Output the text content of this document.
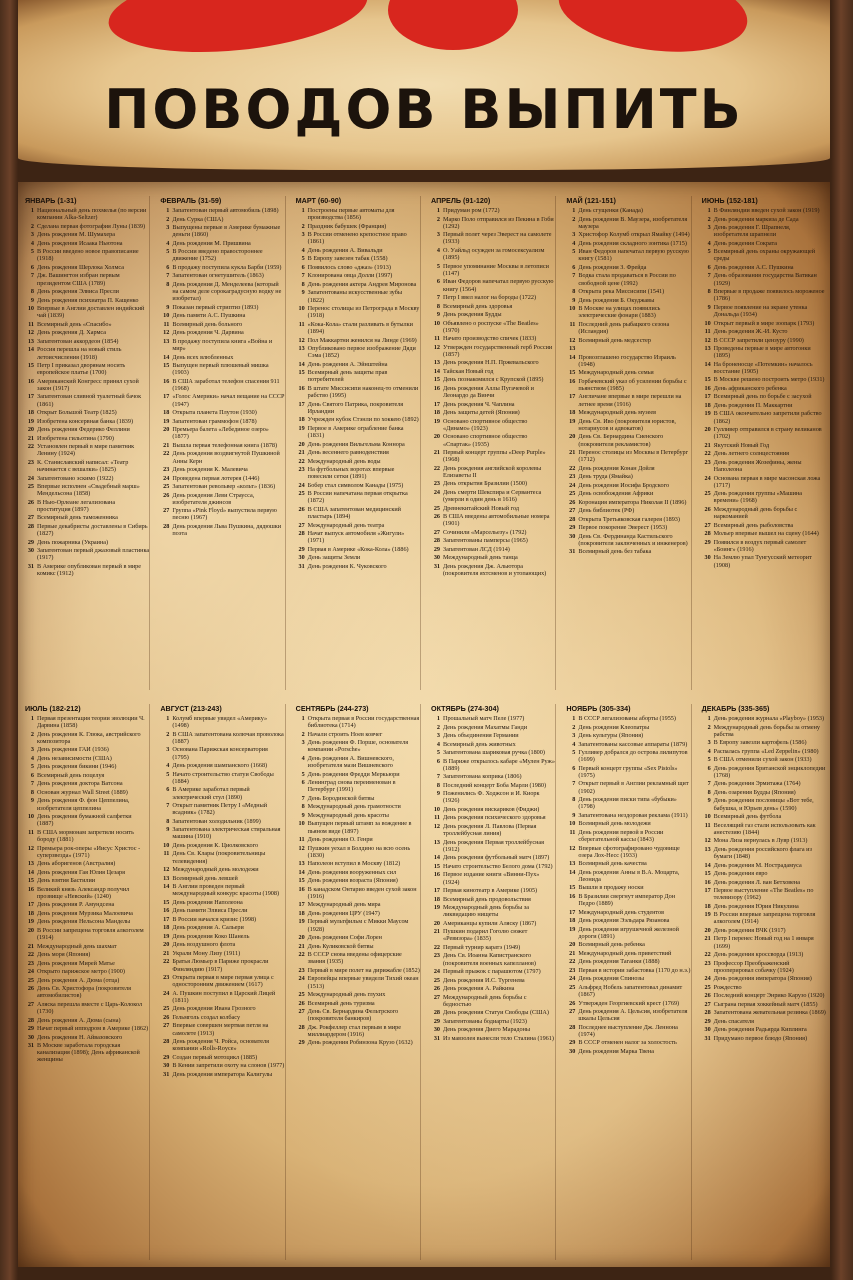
ПОВОДОВ ВЫПИТЬ
ЯНВАРЬ (1-31)
1 Национальный день похмелья (по версии компании Alka-Seltzer)
2 Сделана первая фотография Луны (1839)
3 День рождения М. Шумахера
4 День рождения Исаака Ньютона
5 В России введено новое правописание (1918)
6 День рождения Шерлока Холмса
7 Дж. Вашингтон избран первым президентом США (1789)
8 День рождения Элвиса Пресли
9 День рождения психиатра П. Кащенко
10 Впервые в Англии доставлен индийский чай (1839)
11 Всемирный день «Спасибо»
12 День рождения Д. Хармса
13 Запатентован аккордеон (1854)
14 Россия перешла на новый стиль летоисчисления (1918)
15 Петр I приказал дворянам носить европейское платье (1700)
16 Американский Конгресс принял сухой закон (1917)
17 Запатентован сливной туалетный бачок (1861)
18 Открыт Большой Театр (1825)
19 Изобретена консервная банка (1839)
20 День рождения Федерико Феллини
21 Изобретена гильотина (1790)
22 Установлен первый в мире памятник Ленину (1924)
23 К. Станиславский написал: «Театр начинается с вешалки» (1825)
24 Запатентовано эскимо (1922)
25 Впервые исполнен «Свадебный марш» Мендельсона (1858)
26 В Нью-Орлеане легализована проституция (1897)
27 Всемирный день таможенника
28 Первые декабристы доставлены в Сибирь (1827)
29 День пожарника (Украина)
30 Запатентован первый джазовый пластинка (1917)
31 В Америке опубликован первый в мире комикс (1912)
ФЕВРАЛЬ (31-59)
1 Запатентован первый автомобиль (1898)
2 День Сурка (США)
3 Выпущены первые в Америке бумажные деньги (1860)
4 День рождения М. Пришвина
5 В России введено правостороннее движение (1752)
6 В продажу поступила кукла Барби (1959)
7 Запатентован огнетушитель (1863)
8 День рождения Д. Менделеева (который на самом деле сорокаградусную водку не изобретал)
9 Показан первый стриптиз (1893)
10 День памяти А.С. Пушкина
11 Всемирный день больного
12 День рождения Ч. Дарвина
13 В продажу поступила книга «Война и мир»
14 День всех влюбленных
15 Выпущен первый плюшевый мишка (1903)
16 В США заработал телефон спасения 911 (1968)
17 «Голос Америки» начал вещание на СССР (1947)
18 Открыта планета Плутон (1930)
19 Запатентован граммофон (1878)
20 Премьера балета «Лебединое озеро» (1877)
21 Вышла первая телефонная книга (1878)
22 День рождения воздвигнутой Пушкиной Анны Керн
23 День рождения К. Малевича
24 Проведена первая лотерея (1446)
25 Запатентован револьвер «кольт» (1836)
26 День рождения Леви Страусса, изобретателя джинсов
27 Группа «Pink Floyd» выпустила первую песню (1967)
28 День рождения Льва Пушкина, дядюшки поэта
МАРТ (60-90)
1 Построены первые автоматы для производства (1856)
2 Праздник бабушек (Франция)
3 В России отменено крепостное право (1861)
4 День рождения А. Вивальди
5 В Европу завезен табак (1558)
6 Появилось слово «джаз» (1913)
7 Клонирована овца Долли (1997)
8 День рождения актера Андрея Миронова
9 Запатентованы искусственные зубы (1822)
10 Перенос столицы из Петрограда в Москву (1918)
11 «Кока-Кола» стали разливать в бутылки (1894)
12 Пол Маккартни женился на Линде (1969)
13 Опубликовано первое изображение Дяди Сэма (1852)
14 День рождения А. Эйнштейна
15 Всемирный день защиты прав потребителей
16 В штате Миссисипи наконец-то отменили рабство (1995)
17 День Святого Патрика, покровителя Ирландии
18 Учрежден кубок Стэнли по хоккею (1892)
19 Первое в Америке ограбление банка (1831)
20 День рождения Вильгельма Коннора
21 День весеннего равноденствия
22 Международный день воды
23 На футбольных воротах впервые повесили сетки (1891)
24 Бобер стал символом Канады (1975)
25 В России напечатана первая открытка (1872)
26 В США запатентован медицинский пластырь (1894)
27 Международный день театра
28 Начат выпуск автомобиля «Жигули» (1971)
29 Первая в Америке «Кока-Кола» (1886)
30 День защиты Земли
31 День рождения К. Чуковского
АПРЕЛЬ (91-120)
1 Придуман ром (1772)
2 Марко Поло отправился из Пекина в Гоби (1292)
3 Первый полет через Эверест на самолете (1933)
4 О. Уайльд осужден за гомосексуализм (1895)
5 Первое упоминание Москвы в летописи (1147)
6 Иван Федоров напечатал первую русскую книгу (1564)
7 Петр I ввел налог на бороды (1722)
8 Всемирный день здоровья
9 День рождения Будды
10 Объявлено о роспуске «The Beatles» (1970)
11 Начато производство спичек (1833)
12 Утвержден государственный герб России (1857)
13 День рождения Н.П. Пржевальского
14 Тайская Новый год
15 День познакомился с Крупской (1895)
16 День рождения Аллы Пугачевой и Леонардо да Винчи
17 День рождения Ч. Чаплина
18 День защиты детей (Япония)
19 Основано спортивное общество «Динамо» (1923)
20 Основано спортивное общество «Спартак» (1935)
21 Первый концерт группы «Deep Purple» (1968)
22 День рождения английской королевы Елизаветы II
23 День открытия Бразилии (1500)
24 День смерти Шекспира и Сервантеса (умерли в один день в 1616)
25 Древнекитайский Новый год
26 В США введены автомобильные номера (1901)
27 Сочинили «Марсельезу» (1792)
28 Запатентованы памперсы (1965)
29 Запатентован ЛСД (1914)
30 Международный день танца
31 День рождения Дж. Альютора (покровителя яхтсменов и утопающих)
МАЙ (121-151)
1 День сгущенки (Канада)
2 День рождения В. Маузера, изобретателя маузера
3 Христофор Колумб открыл Ямайку (1494)
4 День рождения складного зонтика (1715)
5 Иван Федоров напечатал первую русскую книгу (1581)
6 День рождения З. Фрейда
7 Водка стала продаваться в России по свободной цене (1992)
8 Открыта река Миссисипи (1541)
9 День рождения Б. Окуджавы
10 В Москве на улицах появились электрические фонари (1883)
11 Последний день рыбацкого сезона (Исландия)
12 Всемирный день медсестер
13
14 Провозглашено государство Израиль (1948)
15 Международный день семьи
16 Горбачевский указ об усилении борьбы с пьянством (1985)
17 Англичане впервые в мире перешли на летнее время (1916)
18 Международный день музеев
19 День Св. Иво (покровителя юристов, нотариусов и адвокатов)
20 День Св. Бернардина Сиенского (покровителя рекламистов)
21 Перенос столицы из Москвы в Петербург (1712)
22 День рождения Конан Дойля
23 День труда (Ямайка)
24 День рождения Иосифа Бродского
25 День освобождения Африки
26 Коронация императора Николая II (1896)
27 День библиотек (РФ)
28 Открыта Третьяковская галерея (1893)
29 Первое покорение Эверест (1953)
30 День Св. Фердинанда Кастильского (покровителя заключенных и инженеров)
31 Всемирный день без табака
ИЮНЬ (152-181)
1 В Финляндии введен сухой закон (1919)
2 День рождения маркиза де Сада
3 День рождения Г. Шрапнеля, изобретателя шрапнели
4 День рождения Сократа
5 Всемирный день охраны окружающей среды
6 День рождения А.С. Пушкина
7 День образования государства Ватикан (1929)
8 Впервые в продаже появилось мороженое (1786)
9 Первое появление на экране утенка Дональда (1934)
10 Открыт первый в мире зоопарк (1793)
11 День рождения Ж.-И. Кусто
12 В СССР запретили цензуру (1990)
13 Проведены первые в мире автогонки (1895)
14 На броненосце «Потемкин» началось восстание (1905)
15 В Москве решено построить метро (1931)
16 День африканского ребенка
17 Всемирный день по борьбе с засухой
18 День рождения П. Маккартни
19 В США окончательно запретили рабство (1862)
20 Гулливер отправился в страну великанов (1702)
21 Якутский Новый Год
22 День летнего солнцестояния
23 День рождения Жозефины, жены Наполеона
24 Основана первая в мире масонская ложа (1717)
25 День рождения группы «Машина времени» (1968)
26 Международный день борьбы с наркоманией
27 Всемирный день рыболовства
28 Мольер впервые вышел на сцену (1644)
29 Появился в воздух первый самолет «Боинг» (1916)
30 На Землю упал Тунгусский метеорит (1908)
ИЮЛЬ (182-212)
1 Первая презентация теории эволюции Ч. Дарвина (1858)
2 День рождения К. Глюка, австрийского композитора
3 День рождения ГАИ (1936)
4 День независимости (США)
5 День рождения бикини (1946)
6 Всемирный день поцелуя
7 День рождения доктора Ватсона
8 Основан журнал Wall Street (1889)
9 День рождения Ф. фон Цеппелина, изобретателя цеппелина
10 День рождения бумажной салфетки (1887)
11 В США мормонам запретили носить бороду (1881)
12 Премьера рок-оперы «Иисус Христос - суперзвезда» (1971)
13 День аборигенов (Австралия)
14 День рождения Гая Юлия Цезаря
15 День взятия Бастилии
16 Великий князь Александр получил прозвище «Невский» (1240)
17 День рождения Р. Амундсена
18 День рождения Мурзика Малоевича
19 День рождения Нельсона Манделы
20 В России запрещена торговля алкоголем (1914)
21 Международный день шахмат
22 День моря (Япония)
23 День рождения Мирей Матье
24 Открыто парижское метро (1900)
25 День рождения А. Дюма (отца)
26 День Св. Христофора (покровителя автомобилистов)
27 Аляска перешла вместе с Царь-Колокол (1730)
28 День рождения А. Дюма (сына)
29 Начат первый ипподром в Америке (1862)
30 День рождения Н. Айвазовского
31 В Москве заработала городская канализация (1898); День африканской женщины
АВГУСТ (213-243)
1 Колумб впервые увидел «Америку» (1498)
2 В США запатентована колючая проволока (1887)
3 Основана Парижская консерватория (1795)
4 День рождения шампанского (1668)
5 Начато строительство статуи Свободы (1884)
6 В Америке заработал первый электрический стул (1890)
7 Открыт памятник Петру I «Медный всадник» (1782)
8 Запатентован холодильник (1899)
9 Запатентована электрическая стиральная машина (1910)
10 День рождения К. Циолковского
11 День Св. Клары (покровительницы телевидения)
12 Международный день молодежи
13 Всемирный день левшей
14 В Англии проведен первый международный конкурс красоты (1908)
15 День рождения Наполеона
16 День памяти Элвиса Пресли
17 В России начался кризис (1998)
18 День рождения А. Сальери
19 День рождения Коко Шанель
20 День воздушного флота
21 Украли Мону Лизу (1911)
22 Братья Люмьер в Париже прокрасли Финляндию (1917)
23 Открыта первая в мире первая улица с односторонним движением (1617)
24 А. Пушкин поступил в Царский Лицей (1811)
25 День рождения Ивана Грозного
26 Гельмголь создал колбасу
27 Впервые совершен мертвая петля на самолете (1913)
28 День рождения Ч. Ройса, основателя компании «Rolls-Royce»
29 Создан первый мотоцикл (1885)
30 В Кении запретили охоту на слонов (1977)
31 День рождения императора Калигулы
СЕНТЯБРЬ (244-273)
1 Открыта первая в России государственная библиотека (1714)
2 Начали строить Ноев ковчег
3 День рождения Ф. Порше, основателя компании «Porsche»
4 День рождения А. Вишневского, изобретателя мази Вишневского
5 День рождения Фредди Меркьюри
6 Ленинград снова переименован в Петербург (1991)
7 День Бородинской битвы
8 Международный день грамотности
9 Международный день красоты
10 Выпущен первый штамп за вождение в пьяном виде (1897)
11 День рождения О. Генри
12 Пушкин уехал в Болдино на всю осень (1830)
13 Наполеон вступил в Москву (1812)
14 День рождения вооруженных сил
15 День рождения возраста (Япония)
16 В канадском Онтарио введен сухой закон (1916)
17 Международный день мира
18 День рождения ЦРУ (1947)
19 Первый мультфильм с Микки Маусом (1928)
20 День рождения Софи Лорен
21 День Куликовской битвы
22 В СССР снова введены офицерские звания (1935)
23 Первый в мире полет на дирижабле (1852)
24 Европейцы впервые увидели Тихий океан (1513)
25 Международный день глухих
26 Всемирный день туризма
27 День Св. Бернардина Фельтрского (покровителя банкиров)
28 Дж. Рокфеллер стал первым в мире миллиардером (1916)
29 День рождения Робинзона Крузо (1632)
ОКТЯБРЬ (274-304)
1 Прошальный матч Пеле (1977)
2 День рождения Махатмы Ганди
3 День объединения Германии
4 Всемирный день животных
5 Запатентована шариковая ручка (1800)
6 В Париже открылось кабаре «Мулен Руж» (1889)
7 Запатентована коприка (1806)
8 Последний концерт Боба Марли (1980)
9 Поженились Ф. Ходжсон и И. Киорк (1926)
10 День рождения вискариков (Фиджи)
11 День рождения психического здоровья
12 День рождения Л. Павлова (Первая троллейбусная линия)
13 День рождения Первая троллейбусная (1912)
14 День рождения футбольный матч (1897)
15 Начато строительство Белого дома (1792)
16 Первое издание книги «Винни-Пух» (1924)
17 Первая кинотеатр в Америке (1905)
18 Всемирный день продовольствия
19 Международный день борьбы за ликвидацию нищеты
20 Американцы купили Аляску (1867)
21 Пушкин подарил Гоголю сюжет «Ревизора» (1835)
22 Первый турнир каратэ (1949)
23 День Св. Иоанна Капистранского (покровителя военных капелланов)
24 Первый прыжок с парашютом (1797)
25 День рождения И.С. Тургенева
26 День рождения А. Райкина
27 Международный день борьбы с бедностью
28 День рождения Статуи Свободы (США)
29 Запатентованы бодиарты (1923)
30 День рождения Диего Марадоны
31 Из мавзолея вынесли тело Сталина (1961)
НОЯБРЬ (305-334)
1 В СССР легализованы аборты (1955)
2 День рождения Клеопатры
3 День культуры (Япония)
4 Запатентованы кассовые аппараты (1879)
5 Гулливер добрался до острова лилипутов (1699)
6 Первый концерт группы «Sex Pistols» (1975)
7 Открыт первый в Англии рекламный щит (1902)
8 День рождения писки типа «бубыки» (1798)
9 Запатентована нездоровая реклама (1911)
10 Всемирный день молодежи
11 День рождения первой в России сберегательной кассы (1843)
12 Впервые сфотографировано чудовище озера Лох-Несс (1933)
13 Всемирный день качества
14 День рождения Анны в В.А. Моцарта, Леонида
15 Вышли в продажу носки
16 В Бразилии свергнут император Дон Педро (1889)
17 Международный день студентов
18 День рождения Ээльдара Рязанова
19 День рождения игрушечной железной дороги (1891)
20 Всемирный день ребенка
21 Международный день приветствий
22 День рождения Таганки (1888)
23 Первая в истории забастовка (1170 до н.э.)
24 День рождения Спинозы
25 Альфред Нобель запатентовал динамит (1867)
26 Утвержден Георгиевский крест (1769)
27 День рождения А. Цельсия, изобретателя шкалы Цельсия
28 Последнее выступление Дж. Леннона (1974)
29 В СССР отменен налог за холостость
30 День рождения Марка Твена
ДЕКАБРЬ (335-365)
1 День рождения журнала «Playboy» (1953)
2 Международный день борьбы за отмену рабства
3 В Европу завезли картофель (1586)
4 Распалась группа «Led Zeppelin» (1980)
5 В США отменили сухой закон (1933)
6 День рождения Британской энциклопедии (1768)
7 День рождения Эрмитажа (1764)
8 День озарения Будды (Япония)
9 День рождения пословицы «Вот тебе, бабушка, и Юрьев день» (1590)
10 Всемирный день футбола
11 Веселящий газ стали использовать как анестезию (1844)
12 Мона Лиза вернулась в Лувр (1913)
13 День рождения российского флага из бумаги (1848)
14 День рождения М. Нострадамуса
15 День рождения евро
16 День рождения Л. ван Бетховена
17 Первое выступление «The Beatles» по телевизору (1962)
18 День рождения Юрия Никулина
19 В России впервые запрещена торговля алкоголем (1914)
20 День рождения ВЧК (1917)
21 Петр I перенес Новый год на 1 января (1699)
22 День рождения кроссворда (1913)
23 Профессор Преображенский прооперировал собачку (1924)
24 День рождения императора (Япония)
25 Рождество
26 Последний концерт Энрико Карузо (1920)
27 Сыграна первая хоккейный матч (1855)
28 Запатентована жевательная резинка (1869)
29 День спасателя
30 День рождения Радьярда Киплинга
31 Придумано первое блюдо (Япония)
